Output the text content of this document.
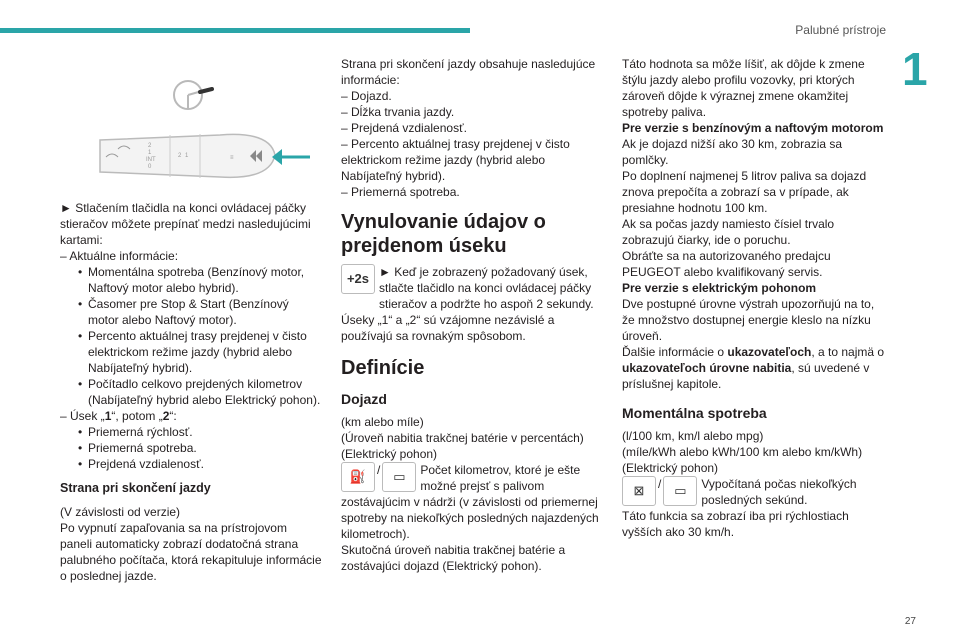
Palubné prístroje
1
27
2
1
INT
0
2 1	≡

► Stlačením tlačidla na konci ovládacej páčky stieračov môžete prepínať medzi nasledujúcimi kartami:

– Aktuálne informácie:

• Momentálna spotreba (Benzínový motor, Naftový motor alebo hybrid).

• Časomer pre Stop & Start (Benzínový motor alebo Naftový motor).

• Percento aktuálnej trasy prejdenej v čisto elektrickom režime jazdy (hybrid alebo Nabíjateľný hybrid).

• Počítadlo celkovo prejdených kilometrov (Nabíjateľný hybrid alebo Elektrický pohon).

– Úsek „1“, potom „2“:

• Priemerná rýchlosť.

• Priemerná spotreba.

• Prejdená vzdialenosť.

Strana pri skončení jazdy

(V závislosti od verzie)

Po vypnutí zapaľovania sa na prístrojovom paneli automaticky zobrazí dodatočná strana palubného počítača, ktorá rekapituluje informácie o poslednej jazde.

Strana pri skončení jazdy obsahuje nasledujúce informácie:

– Dojazd.

– Dĺžka trvania jazdy.

– Prejdená vzdialenosť.

– Percento aktuálnej trasy prejdenej v čisto elektrickom režime jazdy (hybrid alebo Nabíjateľný hybrid).

– Priemerná spotreba.

Vynulovanie údajov o prejdenom úseku

+2s ► Keď je zobrazený požadovaný úsek, stlačte tlačidlo na konci ovládacej páčky stieračov a podržte ho aspoň 2 sekundy.

Úseky „1“ a „2“ sú vzájomne nezávislé a používajú sa rovnakým spôsobom.

Definície

Dojazd

(km alebo míle)

(Úroveň nabitia trakčnej batérie v percentách)

(Elektrický pohon)

⛽ / ▭	Počet kilometrov, ktoré je ešte možné prejsť s palivom

zostávajúcim v nádrži (v závislosti od priemernej spotreby na niekoľkých posledných najazdených kilometroch).

Skutočná úroveň nabitia trakčnej batérie a zostávajúci dojazd (Elektrický pohon).

Táto hodnota sa môže líšiť, ak dôjde k zmene štýlu jazdy alebo profilu vozovky, pri ktorých zároveň dôjde k výraznej zmene okamžitej spotreby paliva.

Pre verzie s benzínovým a naftovým motorom

Ak je dojazd nižší ako 30 km, zobrazia sa pomlčky.

Po doplnení najmenej 5 litrov paliva sa dojazd znova prepočíta a zobrazí sa v prípade, ak presiahne hodnotu 100 km.

Ak sa počas jazdy namiesto čísiel trvalo zobrazujú čiarky, ide o poruchu.

Obráťte sa na autorizovaného predajcu PEUGEOT alebo kvalifikovaný servis.

Pre verzie s elektrickým pohonom

Dve postupné úrovne výstrah upozorňujú na to, že množstvo dostupnej energie kleslo na nízku úroveň.

Ďalšie informácie o ukazovateľoch, a to najmä o ukazovateľoch úrovne nabitia, sú uvedené v príslušnej kapitole.

Momentálna spotreba

(l/100 km, km/l alebo mpg)

(míle/kWh alebo kWh/100 km alebo km/kWh)

(Elektrický pohon)

⊠	/ ▭	Vypočítaná počas niekoľkých posledných sekúnd.

Táto funkcia sa zobrazí iba pri rýchlostiach vyšších ako 30 km/h.
